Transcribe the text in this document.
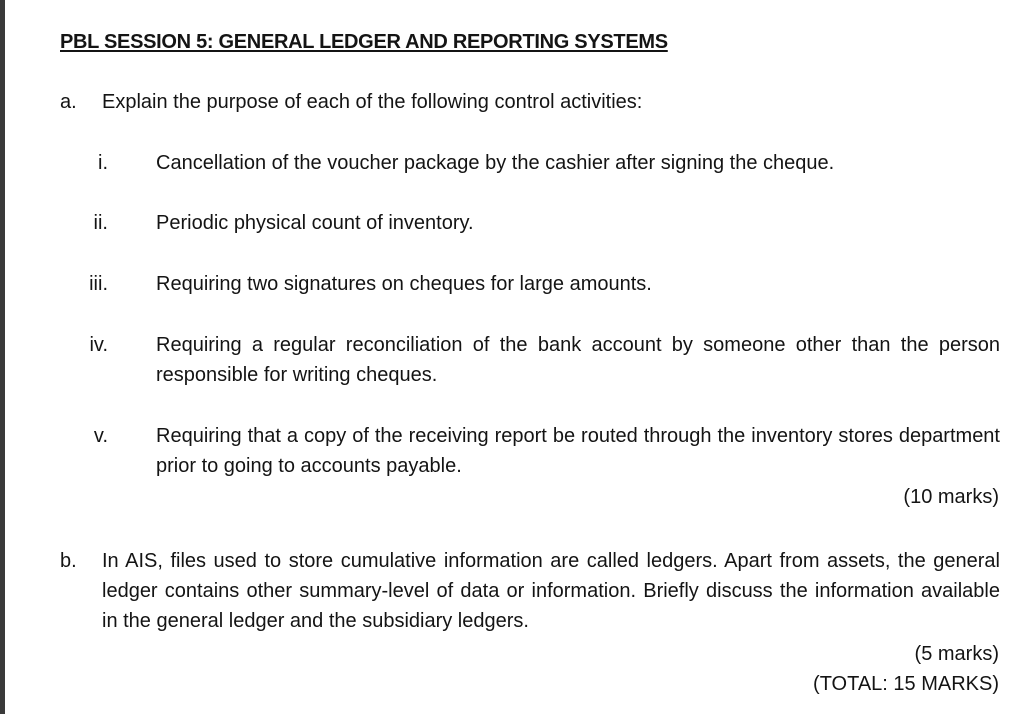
PBL SESSION 5: GENERAL LEDGER AND REPORTING SYSTEMS
a. Explain the purpose of each of the following control activities:
i. Cancellation of the voucher package by the cashier after signing the cheque.
ii. Periodic physical count of inventory.
iii. Requiring two signatures on cheques for large amounts.
iv. Requiring a regular reconciliation of the bank account by someone other than the person responsible for writing cheques.
v. Requiring that a copy of the receiving report be routed through the inventory stores department prior to going to accounts payable.
(10 marks)
b. In AIS, files used to store cumulative information are called ledgers. Apart from assets, the general ledger contains other summary-level of data or information. Briefly discuss the information available in the general ledger and the subsidiary ledgers.
(5 marks)
(TOTAL: 15 MARKS)
